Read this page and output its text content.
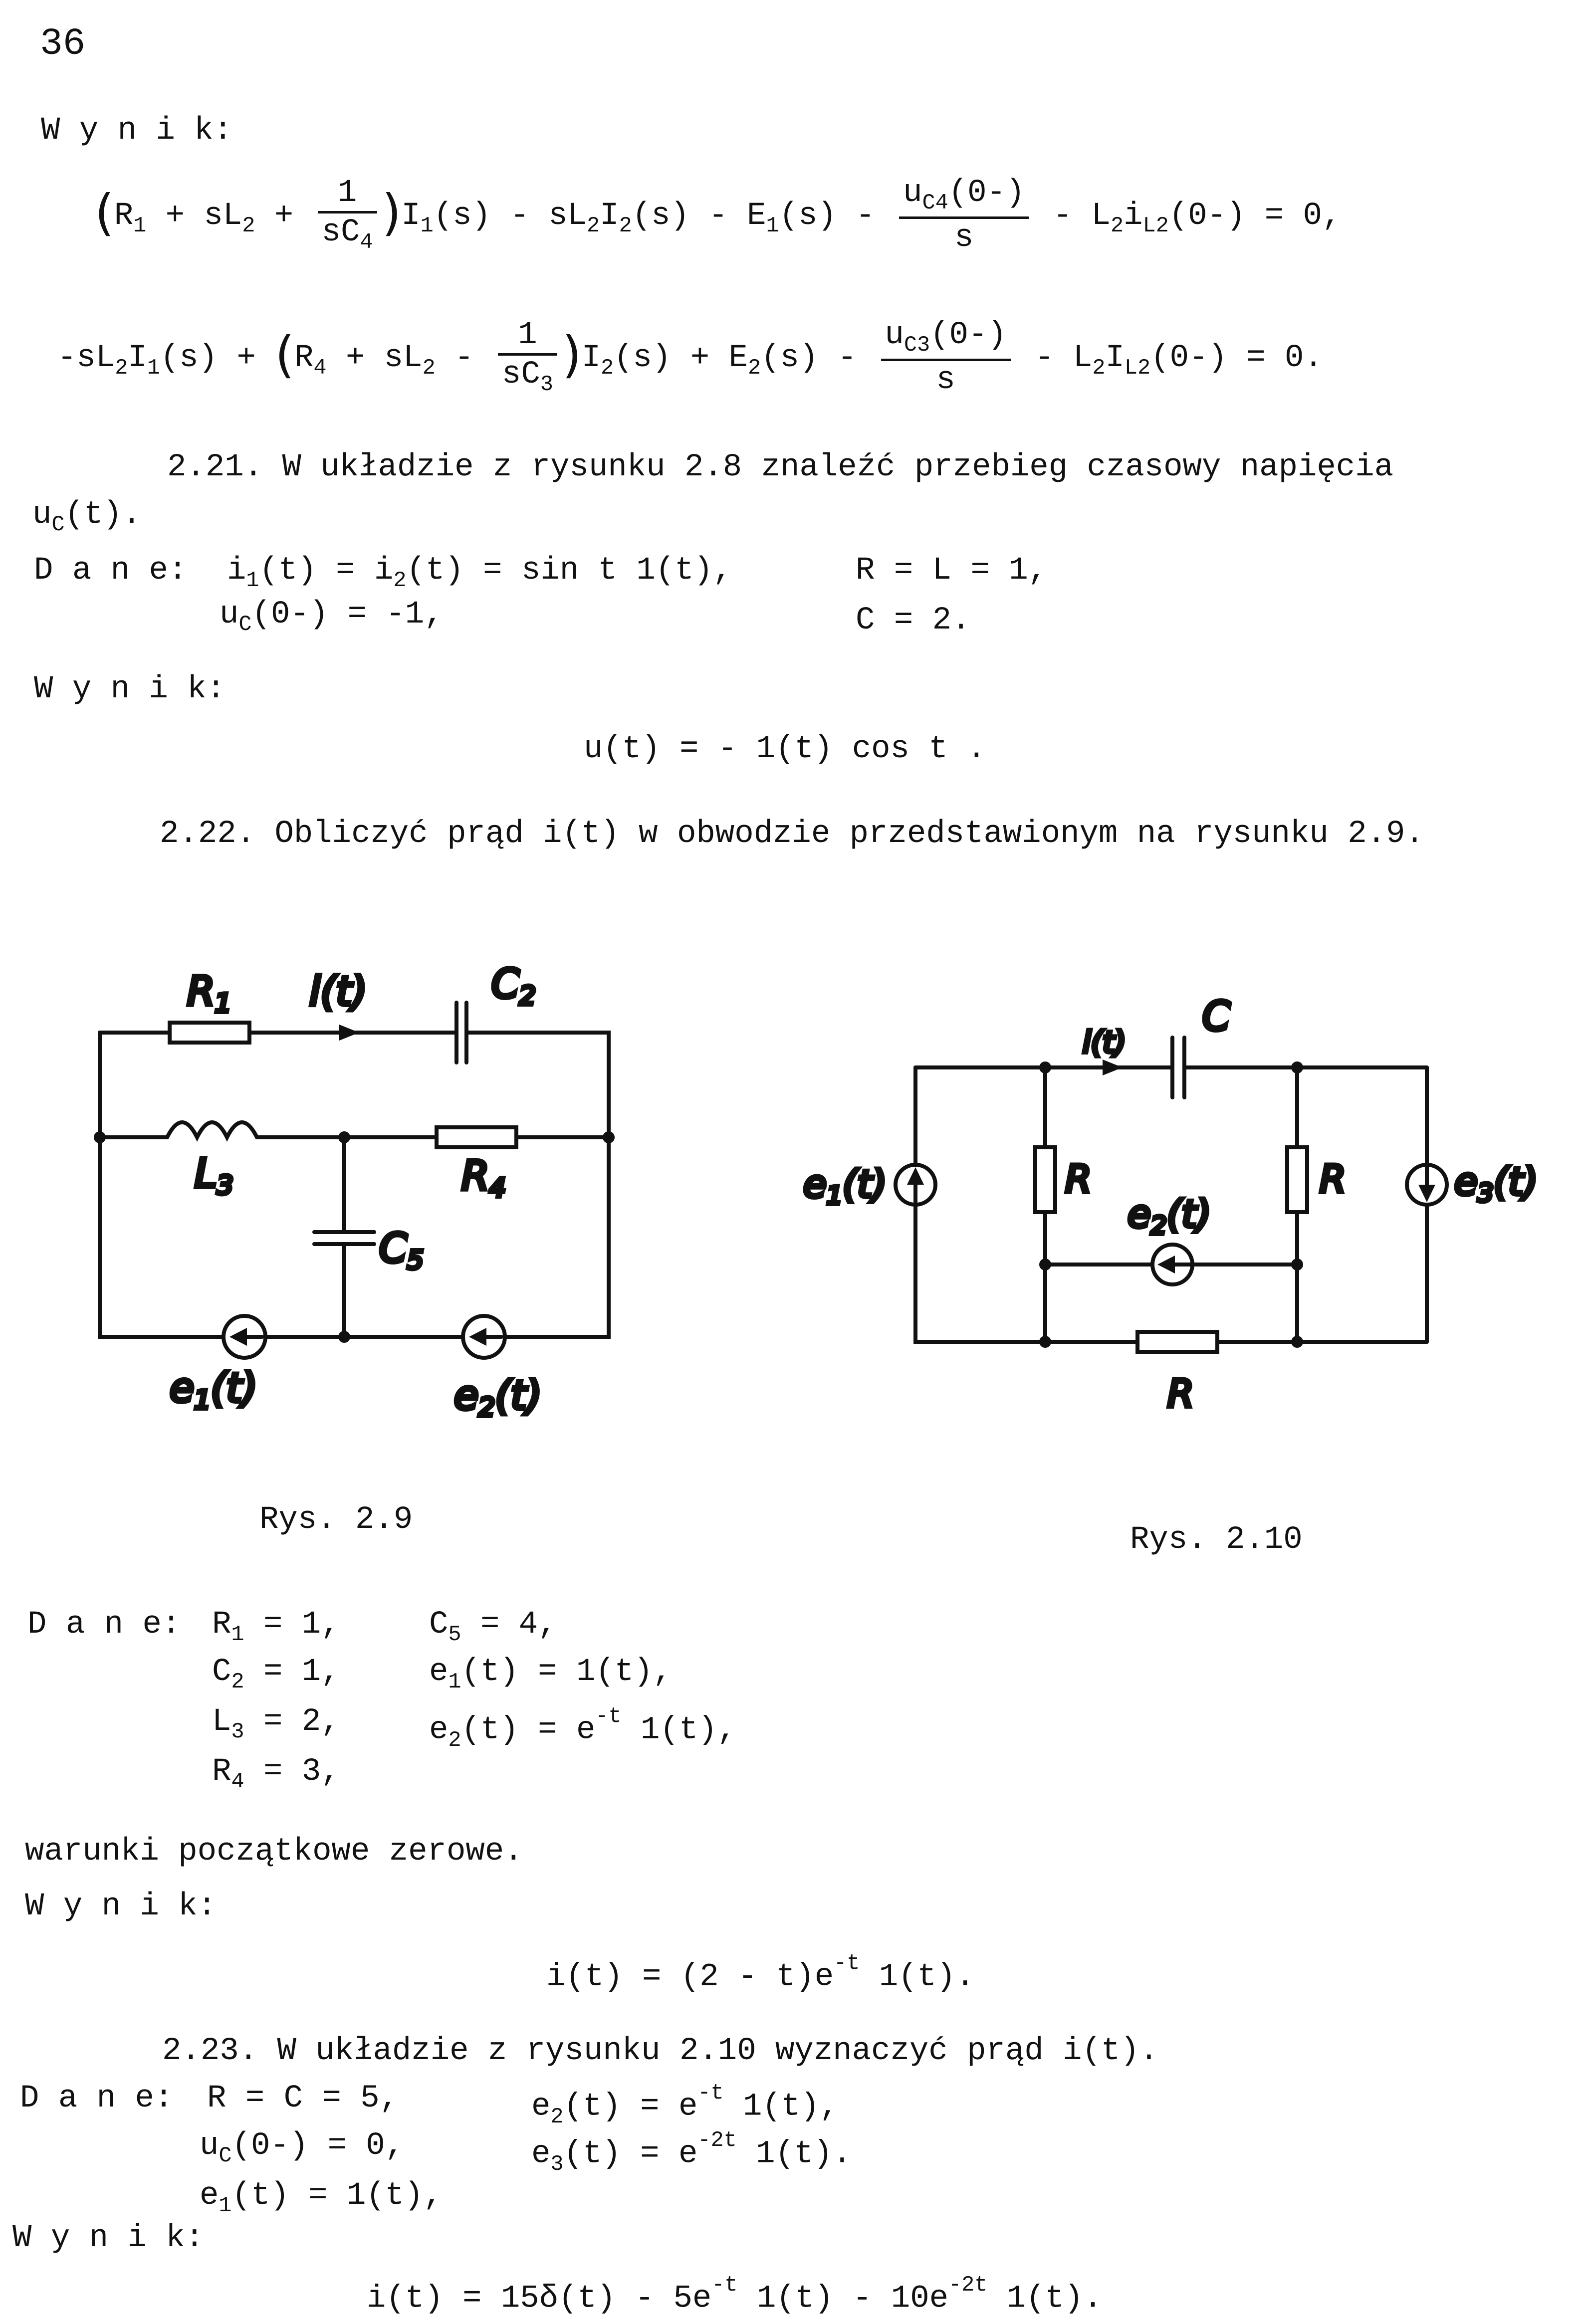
36
W y n i k:
$(R_1 + sL_2 + \frac{1}{sC_4} )I_1(s) - sL_2I_2(s) - E_1(s) - \frac{u_{C4}(0-)}{s} - L_2i_{L2}(0-) = 0$,
$-sL_2I_1(s) + (R_4 + sL_2 - \frac{1}{sC_3} )I_2(s) + E_2(s) - \frac{u_{C3}(0-)}{s} - L_2I_{L2}(0-) = 0$.
2.21. W układzie z rysunku 2.8 znaleźć przebieg czasowy napięcia
$u_C(t)$.
D a n e: $i_1(t) = i_2(t) = \sin t$ 1(t),	R = L = 1,
$u_C(0-) = -1$,	C = 2.
W y n i k:
u(t) = - 1(t) cos t .
2.22. Obliczyć prąd i(t) w obwodzie przedstawionym na rysunku 2.9.
R1 i(t)	C2
L3	R4
C5
e1(t)	e2(t)
i(t)
C
e1(t)	R
e2(t)
R	e3(t)
R
Rys. 2.9
Rys. 2.10
D a n e: $R_1 = 1$,	$C_5 = 4$,
$C_2 = 1$,	$e_1(t) = 1(t)$,
$L_3 = 2$,	$e_2(t) = e^{-t}$ 1(t),
$R_4 = 3$,
warunki początkowe zerowe.
W y n i k:
$i(t) = (2 - t)e^{-t}$ 1(t).
2.23. W układzie z rysunku 2.10 wyznaczyć prąd i(t).
D a n e: R = C = 5,	$e_2(t) = e^{-t}$ 1(t),
$u_C(0-) = 0$,	$e_3(t) = e^{-2t}$ 1(t).
$e_1(t) = 1(t)$,
W y n i k:
$i(t) = 15\delta(t) - 5e^{-t}$ $1(t) - 10e^{-2t}$ 1(t).
